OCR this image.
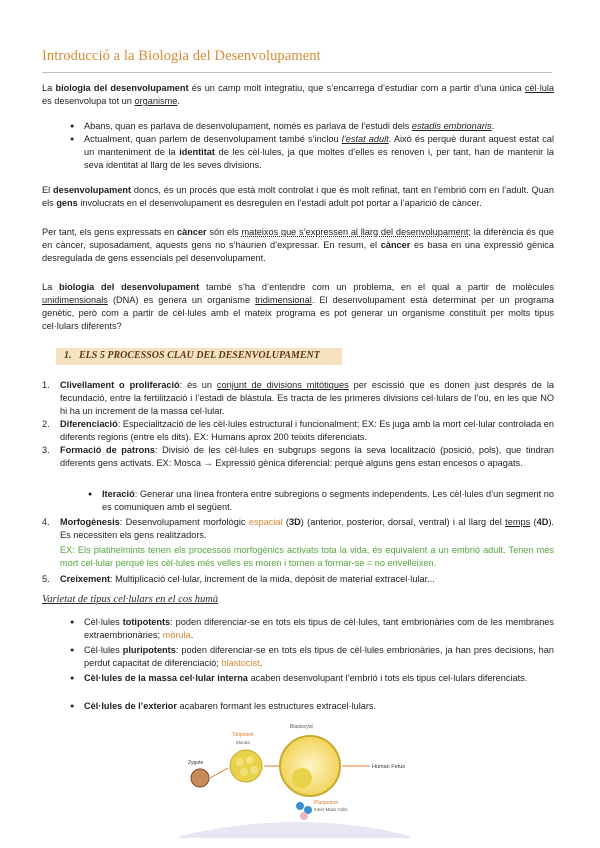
Introducció a la Biologia del Desenvolupament

La biologia del desenvolupament és un camp molt integratiu, que s’encarrega d’estudiar com a partir d’una única cèl·lula es desenvolupa tot un organisme.

● Abans, quan es parlava de desenvolupament, només es parlava de l’estudi dels estadis embrionaris.

● Actualment, quan parlem de desenvolupament també s’inclou l’estat adult. Això és perquè durant aquest estat cal un manteniment de la identitat de les cèl·lules, ja que moltes d’elles es renoven i, per tant, han de mantenir la seva identitat al llarg de les seves divisions.

El desenvolupament doncs, és un procés que està molt controlat i que és molt refinat, tant en l’embrió com en l’adult. Quan els gens involucrats en el desenvolupament es desregulen en l’estadi adult pot portar a l’aparició de càncer.

Per tant, els gens expressats en càncer són els mateixos que s’expressen al llarg del desenvolupament; la diferència és que en càncer, suposadament, aquests gens no s’haurien d’expressar. En resum, el càncer es basa en una expressió gènica desregulada de gens essencials pel desenvolupament.

La biologia del desenvolupament també s’ha d’entendre com un problema, en el qual a partir de molècules unidimensionals (DNA) es genera un organisme tridimensional. El desenvolupament està determinat per un programa genètic, però com a partir de cèl·lules amb el mateix programa es pot generar un organisme constituït per molts tipus cel·lulars diferents?

1. ELS 5 PROCESSOS CLAU DEL DESENVOLUPAMENT

1. Clivellament o proliferació: és un conjunt de divisions mitòtiques per escissió que es donen just després de la fecundació, entre la fertilització i l’estadi de blàstula. Es tracta de les primeres divisions cel·lulars de l’ou, en les que NO hi ha un increment de la massa cel·lular.

2. Diferenciació: Especialització de les cèl·lules estructural i funcionalment; EX: Es juga amb la mort cel·lular controlada en diferents regions (entre els dits). EX: Humans aprox 200 teixits diferenciats.

3. Formació de patrons: Divisió de les cèl·lules en subgrups segons la seva localització (posició, pols), que tindran diferents gens activats. EX: Mosca → Expressió gènica diferencial: perquè alguns gens estan encesos o apagats.

● Iteració: Generar una línea frontera entre subregions o segments independents. Les cèl·lules d’un segment no es comuniquen amb el següent.

4. Morfogènesis: Desenvolupament morfològic espacial (3D) (anterior, posterior, dorsal, ventral) i al llarg del temps (4D). Es necessiten els gens realitzadors.

EX: Els platihelmints tenen els processos morfogènics activats tota la vida, és equivalent a un embrió adult. Tenen més mort cel·lular perquè les cèl·lules més velles es moren i tornen a formar-se = no envelleixen.

5. Creixement: Multiplicació cel·lular, increment de la mida, depòsit de material extracel·lular...

Varietat de tipus cel·lulars en el cos humà

● Cèl·lules totipotents: poden diferenciar-se en tots els tipus de cèl·lules, tant embrionàries com de les membranes extraembrionàries; mòrula.

● Cèl·lules pluripotents: poden diferenciar-se en tots els tipus de cèl·lules embrionàries, ja han pres decisions, han perdut capacitat de diferenciació; blastocist.

● Cèl·lules de la massa cel·lular interna acaben desenvolupant l’embrió i tots els tipus cel·lulars diferenciats.

● Cèl·lules de l’exterior acabaren formant les estructures extracel·lulars.

Zygote
Totipotent
Morula
Blastocyst
Human Fetus
Pluripotent
Inner Mass Cells
